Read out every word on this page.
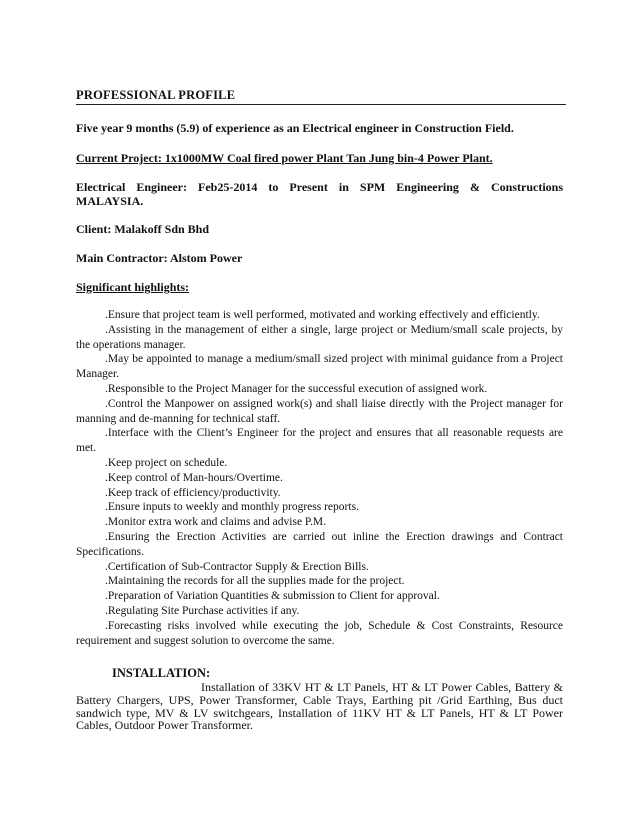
PROFESSIONAL PROFILE
Five year 9 months (5.9) of experience as an Electrical engineer in Construction Field.
Current Project: 1x1000MW Coal fired power Plant Tan Jung bin-4 Power Plant.
Electrical Engineer: Feb25-2014 to Present in SPM Engineering & Constructions
MALAYSIA.
Client: Malakoff Sdn Bhd
Main Contractor: Alstom Power
Significant highlights:
.Ensure that project team is well performed, motivated and working effectively and efficiently.
.Assisting in the management of either a single, large project or Medium/small scale projects, by the operations manager.
.May be appointed to manage a medium/small sized project with minimal guidance from a Project Manager.
.Responsible to the Project Manager for the successful execution of assigned work.
.Control the Manpower on assigned work(s) and shall liaise directly with the Project manager for manning and de-manning for technical staff.
.Interface with the Client’s Engineer for the project and ensures that all reasonable requests are met.
.Keep project on schedule.
.Keep control of Man-hours/Overtime.
.Keep track of efficiency/productivity.
.Ensure inputs to weekly and monthly progress reports.
.Monitor extra work and claims and advise P.M.
.Ensuring the Erection Activities are carried out inline the Erection drawings and Contract Specifications.
.Certification of Sub-Contractor Supply & Erection Bills.
.Maintaining the records for all the supplies made for the project.
.Preparation of Variation Quantities & submission to Client for approval.
.Regulating Site Purchase activities if any.
.Forecasting risks involved while executing the job, Schedule & Cost Constraints, Resource requirement and suggest solution to overcome the same.
INSTALLATION:
Installation of 33KV HT & LT Panels, HT & LT Power Cables, Battery & Battery Chargers, UPS, Power Transformer, Cable Trays, Earthing pit /Grid Earthing, Bus duct sandwich type, MV & LV switchgears, Installation of 11KV HT & LT Panels, HT & LT Power Cables, Outdoor Power Transformer.
